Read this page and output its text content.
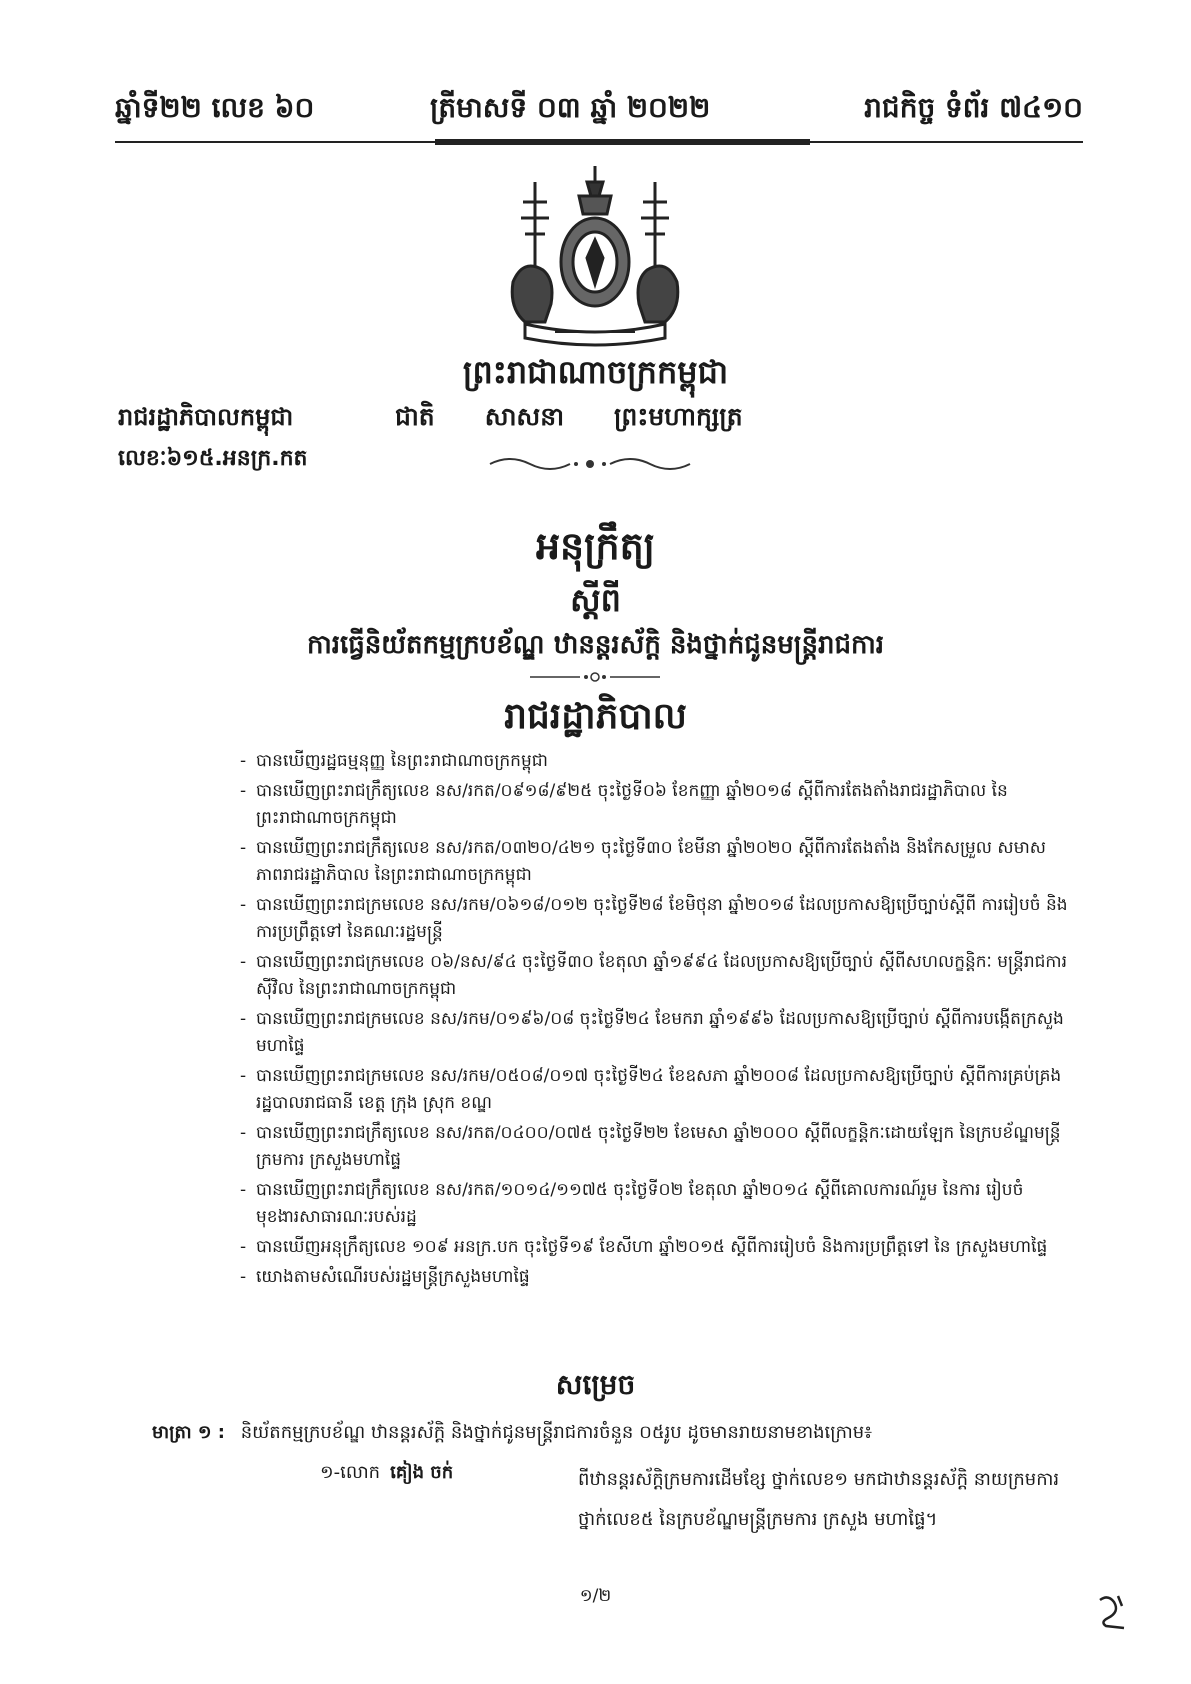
ឆ្នាំទី២២ លេខ ៦០	ត្រីមាសទី ០៣ ឆ្នាំ ២០២២	រាជកិច្ច ទំព័រ ៧៤១០
ព្រះរាជាណាចក្រកម្ពុជា
ជាតិ សាសនា ព្រះមហាក្សត្រ
រាជរដ្ឋាភិបាលកម្ពុជា
លេខៈ៦១៥.អនក្រ.កត
អនុក្រឹត្យ
ស្តីពី
ការធ្វើនិយ័តកម្មក្របខ័ណ្ឌ ឋានន្តរស័ក្តិ និងថ្នាក់ជូនមន្ត្រីរាជការ
រាជរដ្ឋាភិបាល
- បានឃើញរដ្ឋធម្មនុញ្ញ នៃព្រះរាជាណាចក្រកម្ពុជា
- បានឃើញព្រះរាជក្រឹត្យលេខ នស/រកត/០៩១៨/៩២៥ ចុះថ្ងៃទី០៦ ខែកញ្ញា ឆ្នាំ២០១៨ ស្តីពីការតែងតាំងរាជរដ្ឋាភិបាល នៃព្រះរាជាណាចក្រកម្ពុជា
- បានឃើញព្រះរាជក្រឹត្យលេខ នស/រកត/០៣២០/៤២១ ចុះថ្ងៃទី៣០ ខែមីនា ឆ្នាំ២០២០ ស្តីពីការតែងតាំង និងកែសម្រួល សមាសភាពរាជរដ្ឋាភិបាល នៃព្រះរាជាណាចក្រកម្ពុជា
- បានឃើញព្រះរាជក្រមលេខ នស/រកម/០៦១៨/០១២ ចុះថ្ងៃទី២៨ ខែមិថុនា ឆ្នាំ២០១៨ ដែលប្រកាសឱ្យប្រើច្បាប់ស្តីពី ការរៀបចំ និងការប្រព្រឹត្តទៅ នៃគណៈរដ្ឋមន្ត្រី
- បានឃើញព្រះរាជក្រមលេខ ០៦/នស/៩៤ ចុះថ្ងៃទី៣០ ខែតុលា ឆ្នាំ១៩៩៤ ដែលប្រកាសឱ្យប្រើច្បាប់ ស្តីពីសហលក្ខន្តិកៈ មន្ត្រីរាជការស៊ីវិល នៃព្រះរាជាណាចក្រកម្ពុជា
- បានឃើញព្រះរាជក្រមលេខ នស/រកម/០១៩៦/០៨ ចុះថ្ងៃទី២៤ ខែមករា ឆ្នាំ១៩៩៦ ដែលប្រកាសឱ្យប្រើច្បាប់ ស្តីពីការបង្កើតក្រសួងមហាផ្ទៃ
- បានឃើញព្រះរាជក្រមលេខ នស/រកម/០៥០៨/០១៧ ចុះថ្ងៃទី២៤ ខែឧសភា ឆ្នាំ២០០៨ ដែលប្រកាសឱ្យប្រើច្បាប់ ស្តីពីការគ្រប់គ្រងរដ្ឋបាលរាជធានី ខេត្ត ក្រុង ស្រុក ខណ្ឌ
- បានឃើញព្រះរាជក្រឹត្យលេខ នស/រកត/០៤០០/០៧៥ ចុះថ្ងៃទី២២ ខែមេសា ឆ្នាំ២០០០ ស្តីពីលក្ខន្តិកៈដោយឡែក នៃក្របខ័ណ្ឌមន្ត្រីក្រមការ ក្រសួងមហាផ្ទៃ
- បានឃើញព្រះរាជក្រឹត្យលេខ នស/រកត/១០១៤/១១៧៥ ចុះថ្ងៃទី០២ ខែតុលា ឆ្នាំ២០១៤ ស្តីពីគោលការណ៍រួម នៃការ រៀបចំមុខងារសាធារណៈរបស់រដ្ឋ
- បានឃើញអនុក្រឹត្យលេខ ១០៩ អនក្រ.បក ចុះថ្ងៃទី១៩ ខែសីហា ឆ្នាំ២០១៥ ស្តីពីការរៀបចំ និងការប្រព្រឹត្តទៅ នៃ ក្រសួងមហាផ្ទៃ
- យោងតាមសំណើរបស់រដ្ឋមន្ត្រីក្រសួងមហាផ្ទៃ
សម្រេច
មាត្រា ១ : និយ័តកម្មក្របខ័ណ្ឌ ឋានន្តរស័ក្តិ និងថ្នាក់ជូនមន្ត្រីរាជការចំនួន ០៥រូប ដូចមានរាយនាមខាងក្រោម៖
១-លោក គៀង ចក់	ពីឋានន្តរស័ក្តិក្រមការដើមខ្សែ ថ្នាក់លេខ១ មកជាឋានន្តរស័ក្តិ នាយក្រមការ ថ្នាក់លេខ៥ នៃក្របខ័ណ្ឌមន្ត្រីក្រមការ ក្រសួង មហាផ្ទៃ។
១/២
